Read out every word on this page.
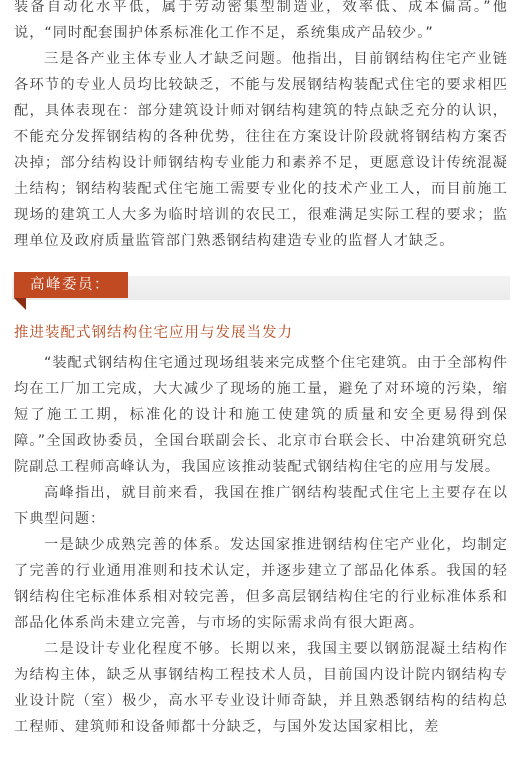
装备自动化水平低，属于劳动密集型制造业，效率低、成本偏高。”他说，“同时配套围护体系标准化工作不足，系统集成产品较少。”

三是各产业主体专业人才缺乏问题。他指出，目前钢结构住宅产业链各环节的专业人员均比较缺乏，不能与发展钢结构装配式住宅的要求相匹配，具体表现在：部分建筑设计师对钢结构建筑的特点缺乏充分的认识，不能充分发挥钢结构的各种优势，往往在方案设计阶段就将钢结构方案否决掉；部分结构设计师钢结构专业能力和素养不足，更愿意设计传统混凝土结构；钢结构装配式住宅施工需要专业化的技术产业工人，而目前施工现场的建筑工人大多为临时培训的农民工，很难满足实际工程的要求；监理单位及政府质量监管部门熟悉钢结构建造专业的监督人才缺乏。

高峰委员：
推进装配式钢结构住宅应用与发展当发力

“装配式钢结构住宅通过现场组装来完成整个住宅建筑。由于全部构件均在工厂加工完成，大大减少了现场的施工量，避免了对环境的污染，缩短了施工工期，标准化的设计和施工使建筑的质量和安全更易得到保障。”全国政协委员，全国台联副会长、北京市台联会长、中冶建筑研究总院副总工程师高峰认为，我国应该推动装配式钢结构住宅的应用与发展。

高峰指出，就目前来看，我国在推广钢结构装配式住宅上主要存在以下典型问题：

一是缺少成熟完善的体系。发达国家推进钢结构住宅产业化，均制定了完善的行业通用准则和技术认定，并逐步建立了部品化体系。我国的轻钢结构住宅标准体系相对较完善，但多高层钢结构住宅的行业标准体系和部品化体系尚未建立完善，与市场的实际需求尚有很大距离。

二是设计专业化程度不够。长期以来，我国主要以钢筋混凝土结构作为结构主体，缺乏从事钢结构工程技术人员，目前国内设计院内钢结构专业设计院（室）极少，高水平专业设计师奇缺，并且熟悉钢结构的结构总工程师、建筑师和设备师都十分缺乏，与国外发达国家相比，差
